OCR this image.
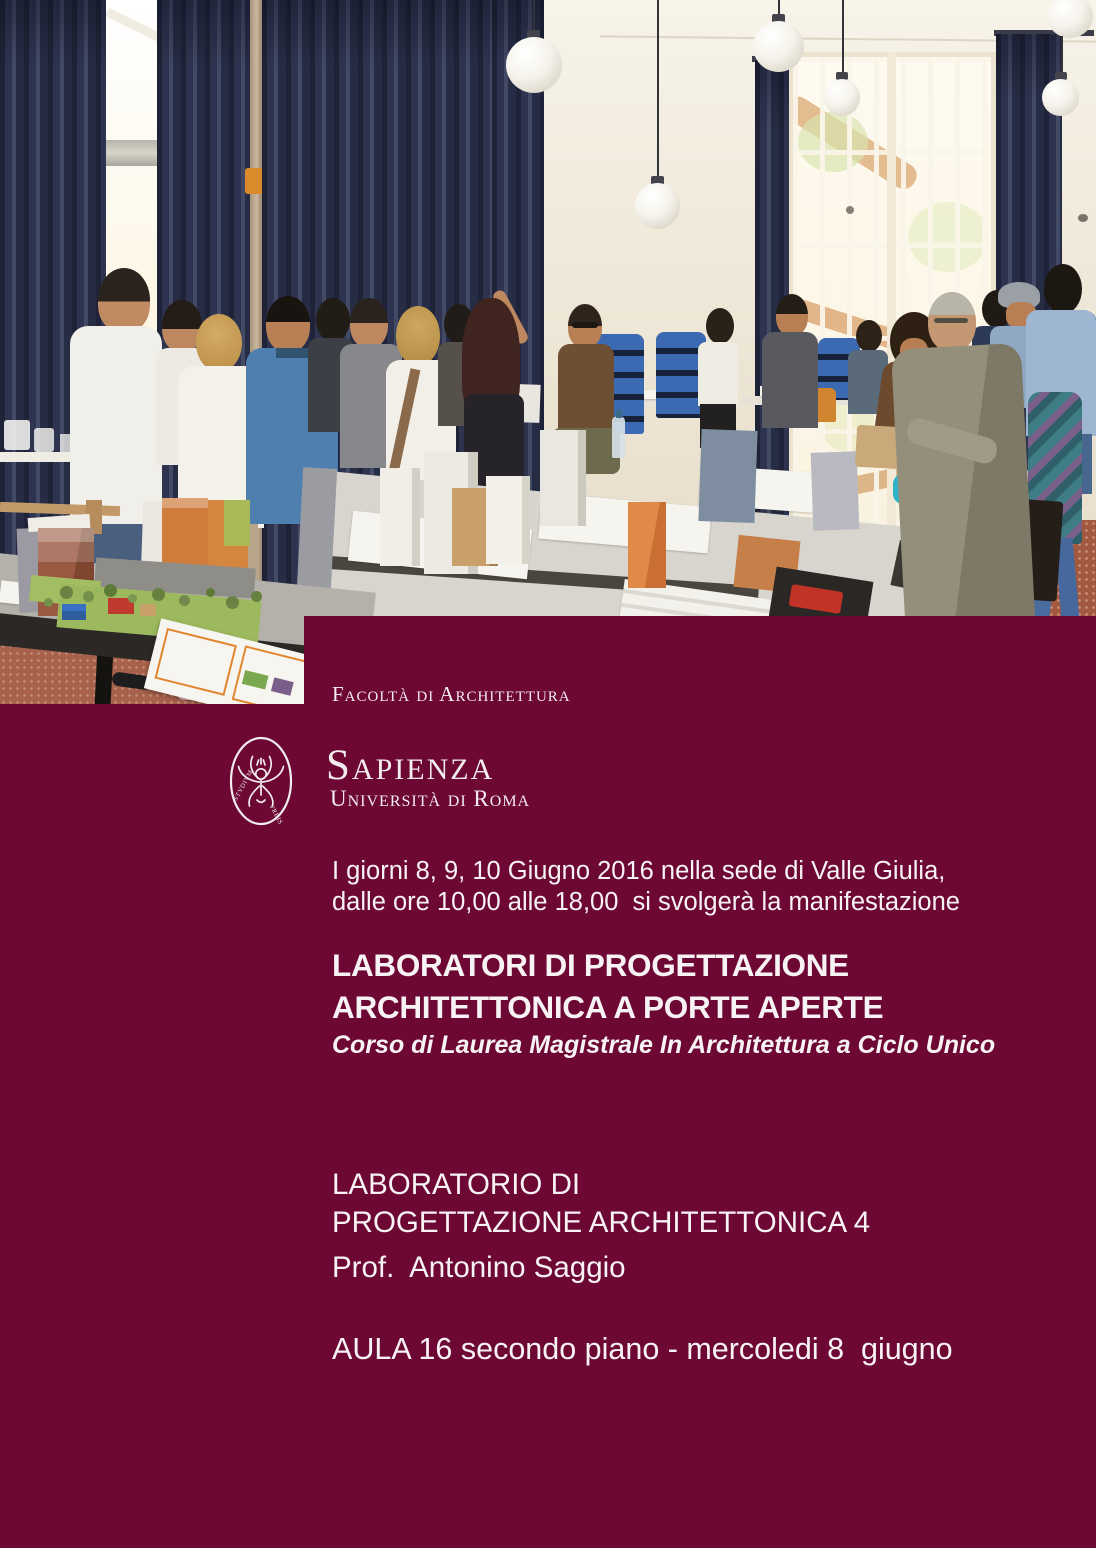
Facoltà di Architettura
STVDIVM
VRBIS
Sapienza
Università di Roma
I giorni 8, 9, 10 Giugno 2016 nella sede di Valle Giulia,
dalle ore 10,00 alle 18,00  si svolgerà la manifestazione
LABORATORI DI PROGETTAZIONE
ARCHITETTONICA A PORTE APERTE
Corso di Laurea Magistrale In Architettura a Ciclo Unico
LABORATORIO DI
PROGETTAZIONE ARCHITETTONICA 4
Prof.  Antonino Saggio
AULA 16 secondo piano - mercoledi 8  giugno
